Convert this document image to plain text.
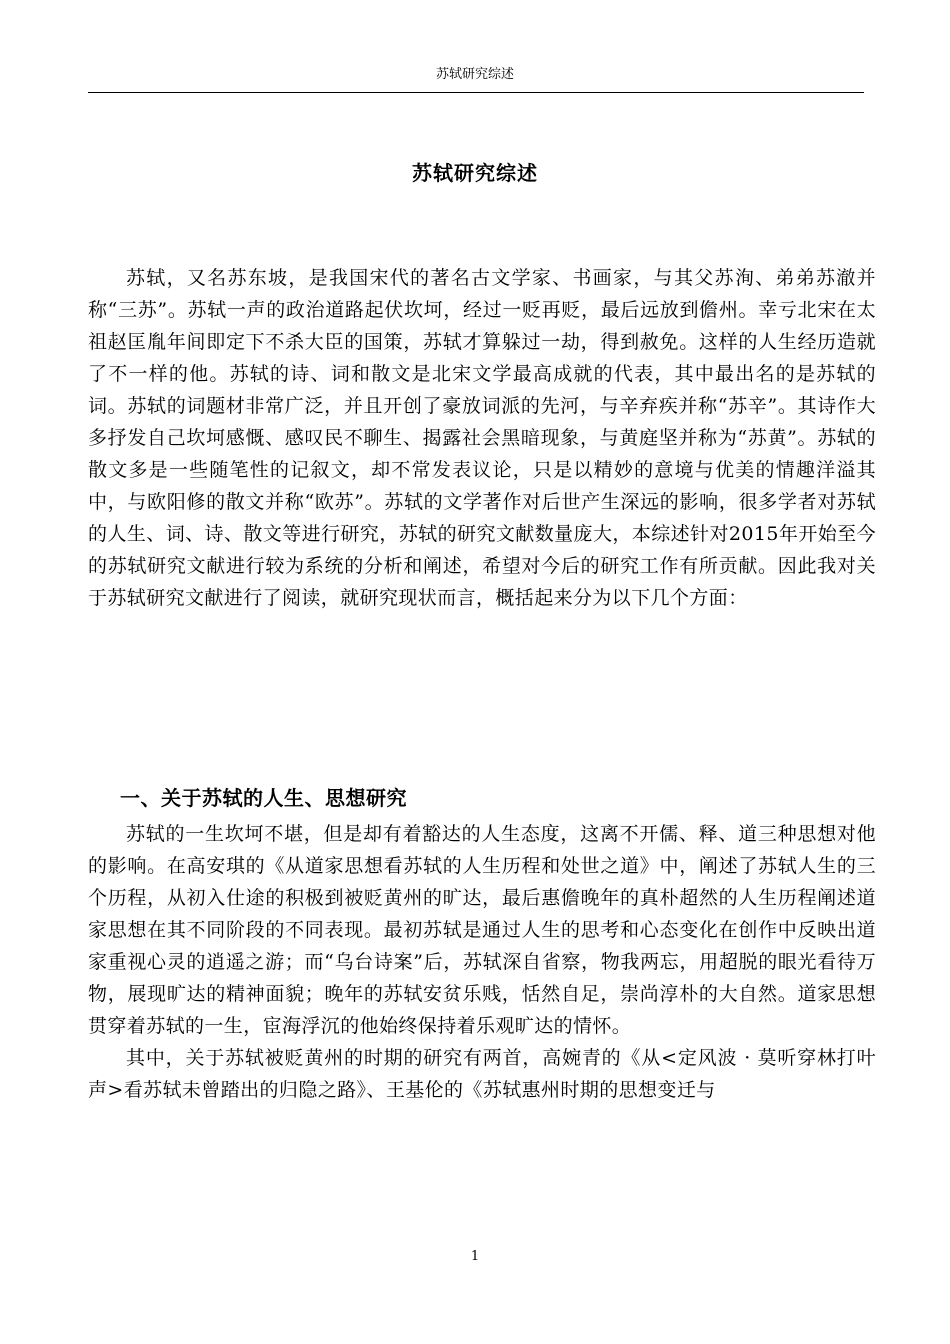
苏轼研究综述
苏轼研究综述

苏轼，又名苏东坡，是我国宋代的著名古文学家、书画家，与其父苏洵、弟弟苏澈并称“三苏”。苏轼一声的政治道路起伏坎坷，经过一贬再贬，最后远放到儋州。幸亏北宋在太祖赵匡胤年间即定下不杀大臣的国策，苏轼才算躲过一劫，得到赦免。这样的人生经历造就了不一样的他。苏轼的诗、词和散文是北宋文学最高成就的代表，其中最出名的是苏轼的词。苏轼的词题材非常广泛，并且开创了豪放词派的先河，与辛弃疾并称“苏辛”。其诗作大多抒发自己坎坷感慨、感叹民不聊生、揭露社会黑暗现象，与黄庭坚并称为“苏黄”。苏轼的散文多是一些随笔性的记叙文，却不常发表议论，只是以精妙的意境与优美的情趣洋溢其中，与欧阳修的散文并称“欧苏”。苏轼的文学著作对后世产生深远的影响，很多学者对苏轼的人生、词、诗、散文等进行研究，苏轼的研究文献数量庞大，本综述针对2015年开始至今的苏轼研究文献进行较为系统的分析和阐述，希望对今后的研究工作有所贡献。因此我对关于苏轼研究文献进行了阅读，就研究现状而言，概括起来分为以下几个方面：

一、关于苏轼的人生、思想研究

苏轼的一生坎坷不堪，但是却有着豁达的人生态度，这离不开儒、释、道三种思想对他的影响。在高安琪的《从道家思想看苏轼的人生历程和处世之道》中，阐述了苏轼人生的三个历程，从初入仕途的积极到被贬黄州的旷达，最后惠儋晚年的真朴超然的人生历程阐述道家思想在其不同阶段的不同表现。最初苏轼是通过人生的思考和心态变化在创作中反映出道家重视心灵的逍遥之游；而“乌台诗案”后，苏轼深自省察，物我两忘，用超脱的眼光看待万物，展现旷达的精神面貌；晚年的苏轼安贫乐贱，恬然自足，崇尚淳朴的大自然。道家思想贯穿着苏轼的一生，宦海浮沉的他始终保持着乐观旷达的情怀。

其中，关于苏轼被贬黄州的时期的研究有两首，高婉青的《从<定风波 · 莫听穿林打叶声>看苏轼未曾踏出的归隐之路》、王基伦的《苏轼惠州时期的思想变迁与

1
